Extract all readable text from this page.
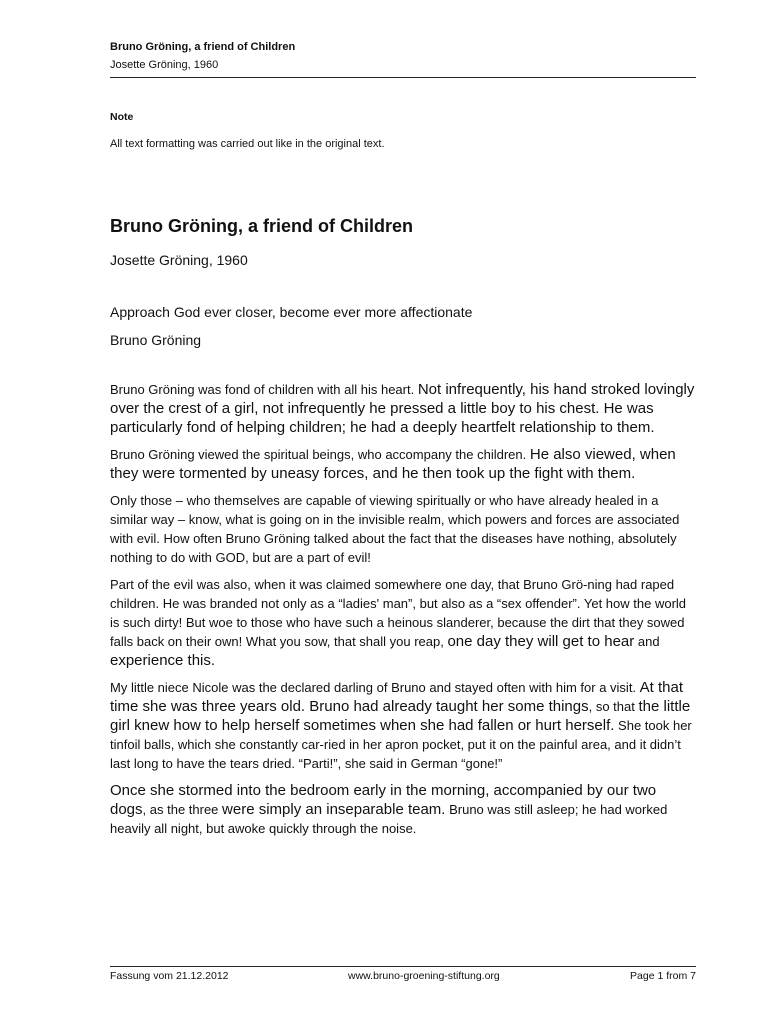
Bruno Gröning, a friend of Children
Josette Gröning, 1960
Note
All text formatting was carried out like in the original text.
Bruno Gröning, a friend of Children
Josette Gröning, 1960
Approach God ever closer, become ever more affectionate
Bruno Gröning

Bruno Gröning was fond of children with all his heart. Not infrequently, his hand stroked lovingly over the crest of a girl, not infrequently he pressed a little boy to his chest. He was particularly fond of helping children; he had a deeply heartfelt relationship to them.

Bruno Gröning viewed the spiritual beings, who accompany the children. He also viewed, when they were tormented by uneasy forces, and he then took up the fight with them.

Only those – who themselves are capable of viewing spiritually or who have already healed in a similar way – know, what is going on in the invisible realm, which powers and forces are associated with evil. How often Bruno Gröning talked about the fact that the diseases have nothing, absolutely nothing to do with GOD, but are a part of evil!

Part of the evil was also, when it was claimed somewhere one day, that Bruno Grö-ning had raped children. He was branded not only as a “ladies' man”, but also as a “sex offender”. Yet how the world is such dirty! But woe to those who have such a heinous slanderer, because the dirt that they sowed falls back on their own! What you sow, that shall you reap, one day they will get to hear and experience this.

My little niece Nicole was the declared darling of Bruno and stayed often with him for a visit. At that time she was three years old. Bruno had already taught her some things, so that the little girl knew how to help herself sometimes when she had fallen or hurt herself. She took her tinfoil balls, which she constantly car-ried in her apron pocket, put it on the painful area, and it didn’t last long to have the tears dried. “Parti!”, she said in German “gone!”

Once she stormed into the bedroom early in the morning, accompanied by our two dogs, as the three were simply an inseparable team. Bruno was still asleep; he had worked heavily all night, but awoke quickly through the noise.

Fassung vom 21.12.2012	www.bruno-groening-stiftung.org	Page 1 from 7
